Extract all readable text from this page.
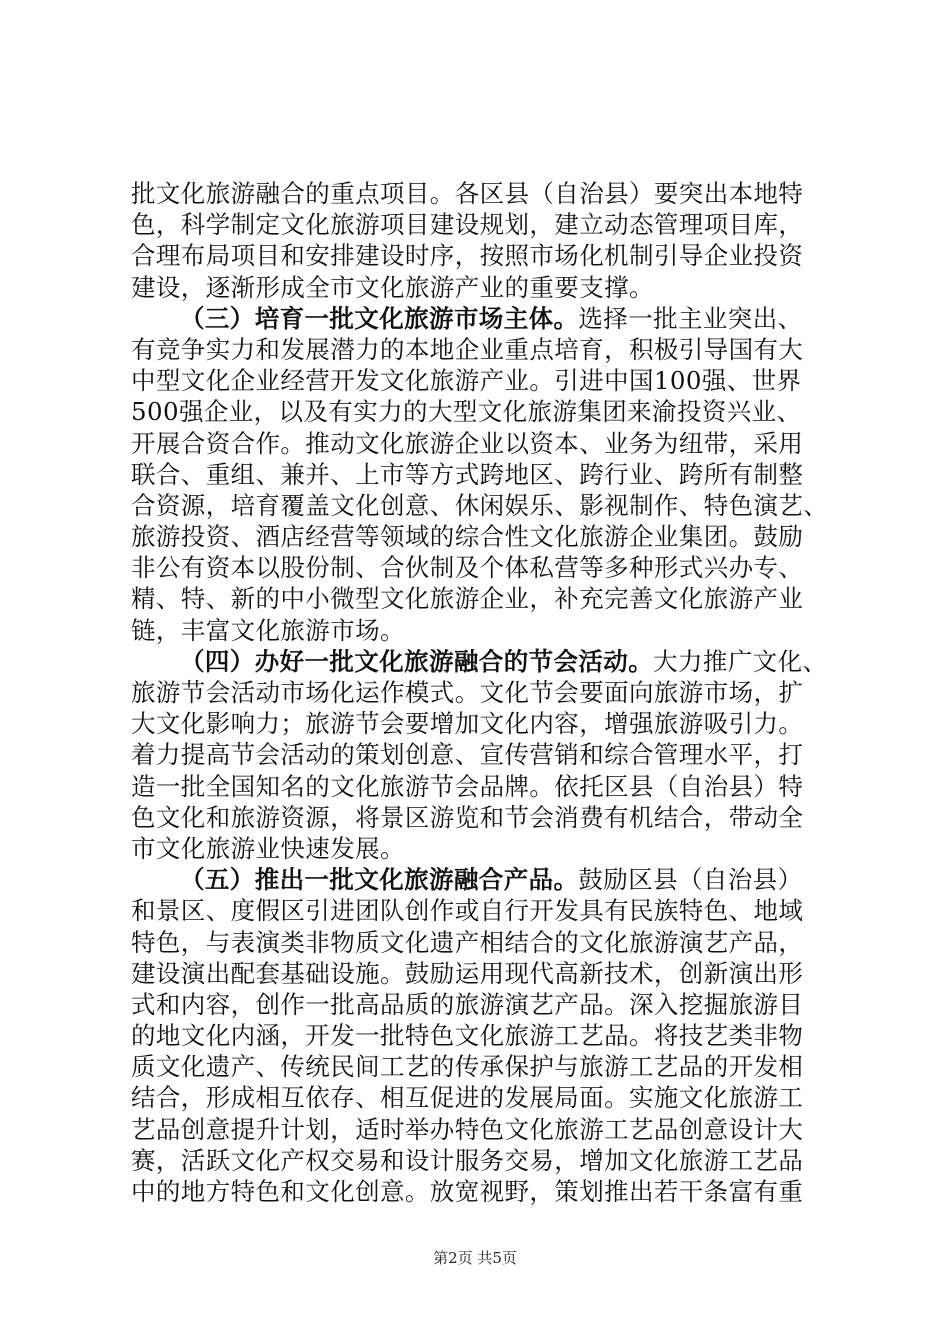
批文化旅游融合的重点项目。各区县（自治县）要突出本地特
色，科学制定文化旅游项目建设规划，建立动态管理项目库，
合理布局项目和安排建设时序，按照市场化机制引导企业投资
建设，逐渐形成全市文化旅游产业的重要支撑。
（三）培育一批文化旅游市场主体。选择一批主业突出、
有竞争实力和发展潜力的本地企业重点培育，积极引导国有大
中型文化企业经营开发文化旅游产业。引进中国100强、世界
500强企业，以及有实力的大型文化旅游集团来渝投资兴业、
开展合资合作。推动文化旅游企业以资本、业务为纽带，采用
联合、重组、兼并、上市等方式跨地区、跨行业、跨所有制整
合资源，培育覆盖文化创意、休闲娱乐、影视制作、特色演艺、
旅游投资、酒店经营等领域的综合性文化旅游企业集团。鼓励
非公有资本以股份制、合伙制及个体私营等多种形式兴办专、
精、特、新的中小微型文化旅游企业，补充完善文化旅游产业
链，丰富文化旅游市场。
（四）办好一批文化旅游融合的节会活动。大力推广文化、
旅游节会活动市场化运作模式。文化节会要面向旅游市场，扩
大文化影响力；旅游节会要增加文化内容，增强旅游吸引力。
着力提高节会活动的策划创意、宣传营销和综合管理水平，打
造一批全国知名的文化旅游节会品牌。依托区县（自治县）特
色文化和旅游资源，将景区游览和节会消费有机结合，带动全
市文化旅游业快速发展。
（五）推出一批文化旅游融合产品。鼓励区县（自治县）
和景区、度假区引进团队创作或自行开发具有民族特色、地域
特色，与表演类非物质文化遗产相结合的文化旅游演艺产品，
建设演出配套基础设施。鼓励运用现代高新技术，创新演出形
式和内容，创作一批高品质的旅游演艺产品。深入挖掘旅游目
的地文化内涵，开发一批特色文化旅游工艺品。将技艺类非物
质文化遗产、传统民间工艺的传承保护与旅游工艺品的开发相
结合，形成相互依存、相互促进的发展局面。实施文化旅游工
艺品创意提升计划，适时举办特色文化旅游工艺品创意设计大
赛，活跃文化产权交易和设计服务交易，增加文化旅游工艺品
中的地方特色和文化创意。放宽视野，策划推出若干条富有重
第2页 共5页
